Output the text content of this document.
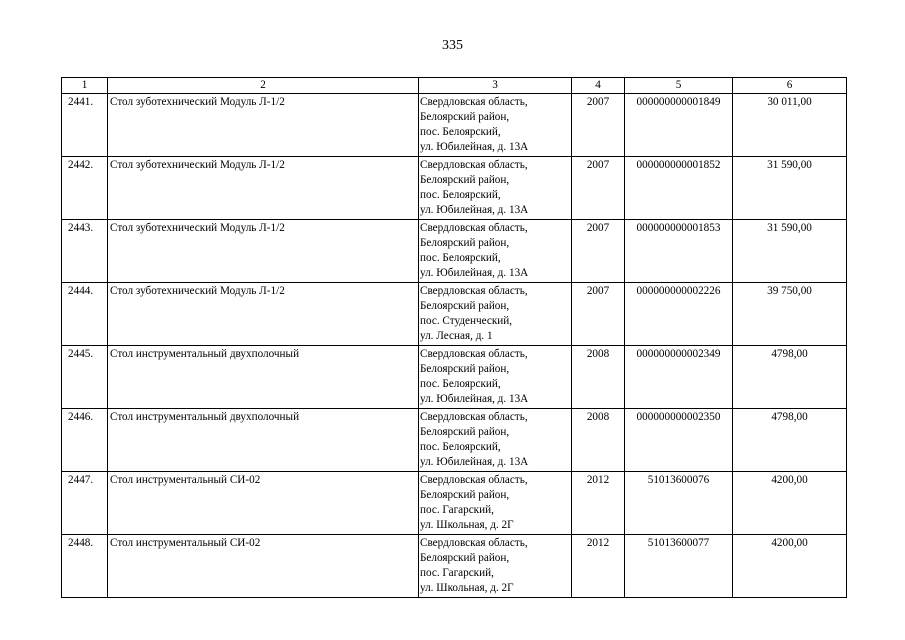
335
1	2	3	4	5	6
2441.	Стол зуботехнический Модуль Л-1/2	Свердловская область,
Белоярский район,
пос. Белоярский,
ул. Юбилейная, д. 13А	2007	000000000001849	30 011,00
2442.	Стол зуботехнический Модуль Л-1/2	Свердловская область,
Белоярский район,
пос. Белоярский,
ул. Юбилейная, д. 13А	2007	000000000001852	31 590,00
2443.	Стол зуботехнический Модуль Л-1/2	Свердловская область,
Белоярский район,
пос. Белоярский,
ул. Юбилейная, д. 13А	2007	000000000001853	31 590,00
2444.	Стол зуботехнический Модуль Л-1/2	Свердловская область,
Белоярский район,
пос. Студенческий,
ул. Лесная, д. 1	2007	000000000002226	39 750,00
2445.	Стол инструментальный двухполочный	Свердловская область,
Белоярский район,
пос. Белоярский,
ул. Юбилейная, д. 13А	2008	000000000002349	4798,00
2446.	Стол инструментальный двухполочный	Свердловская область,
Белоярский район,
пос. Белоярский,
ул. Юбилейная, д. 13А	2008	000000000002350	4798,00
2447.	Стол инструментальный СИ-02	Свердловская область,
Белоярский район,
пос. Гагарский,
ул. Школьная, д. 2Г	2012	51013600076	4200,00
2448.	Стол инструментальный СИ-02	Свердловская область,
Белоярский район,
пос. Гагарский,
ул. Школьная, д. 2Г	2012	51013600077	4200,00
